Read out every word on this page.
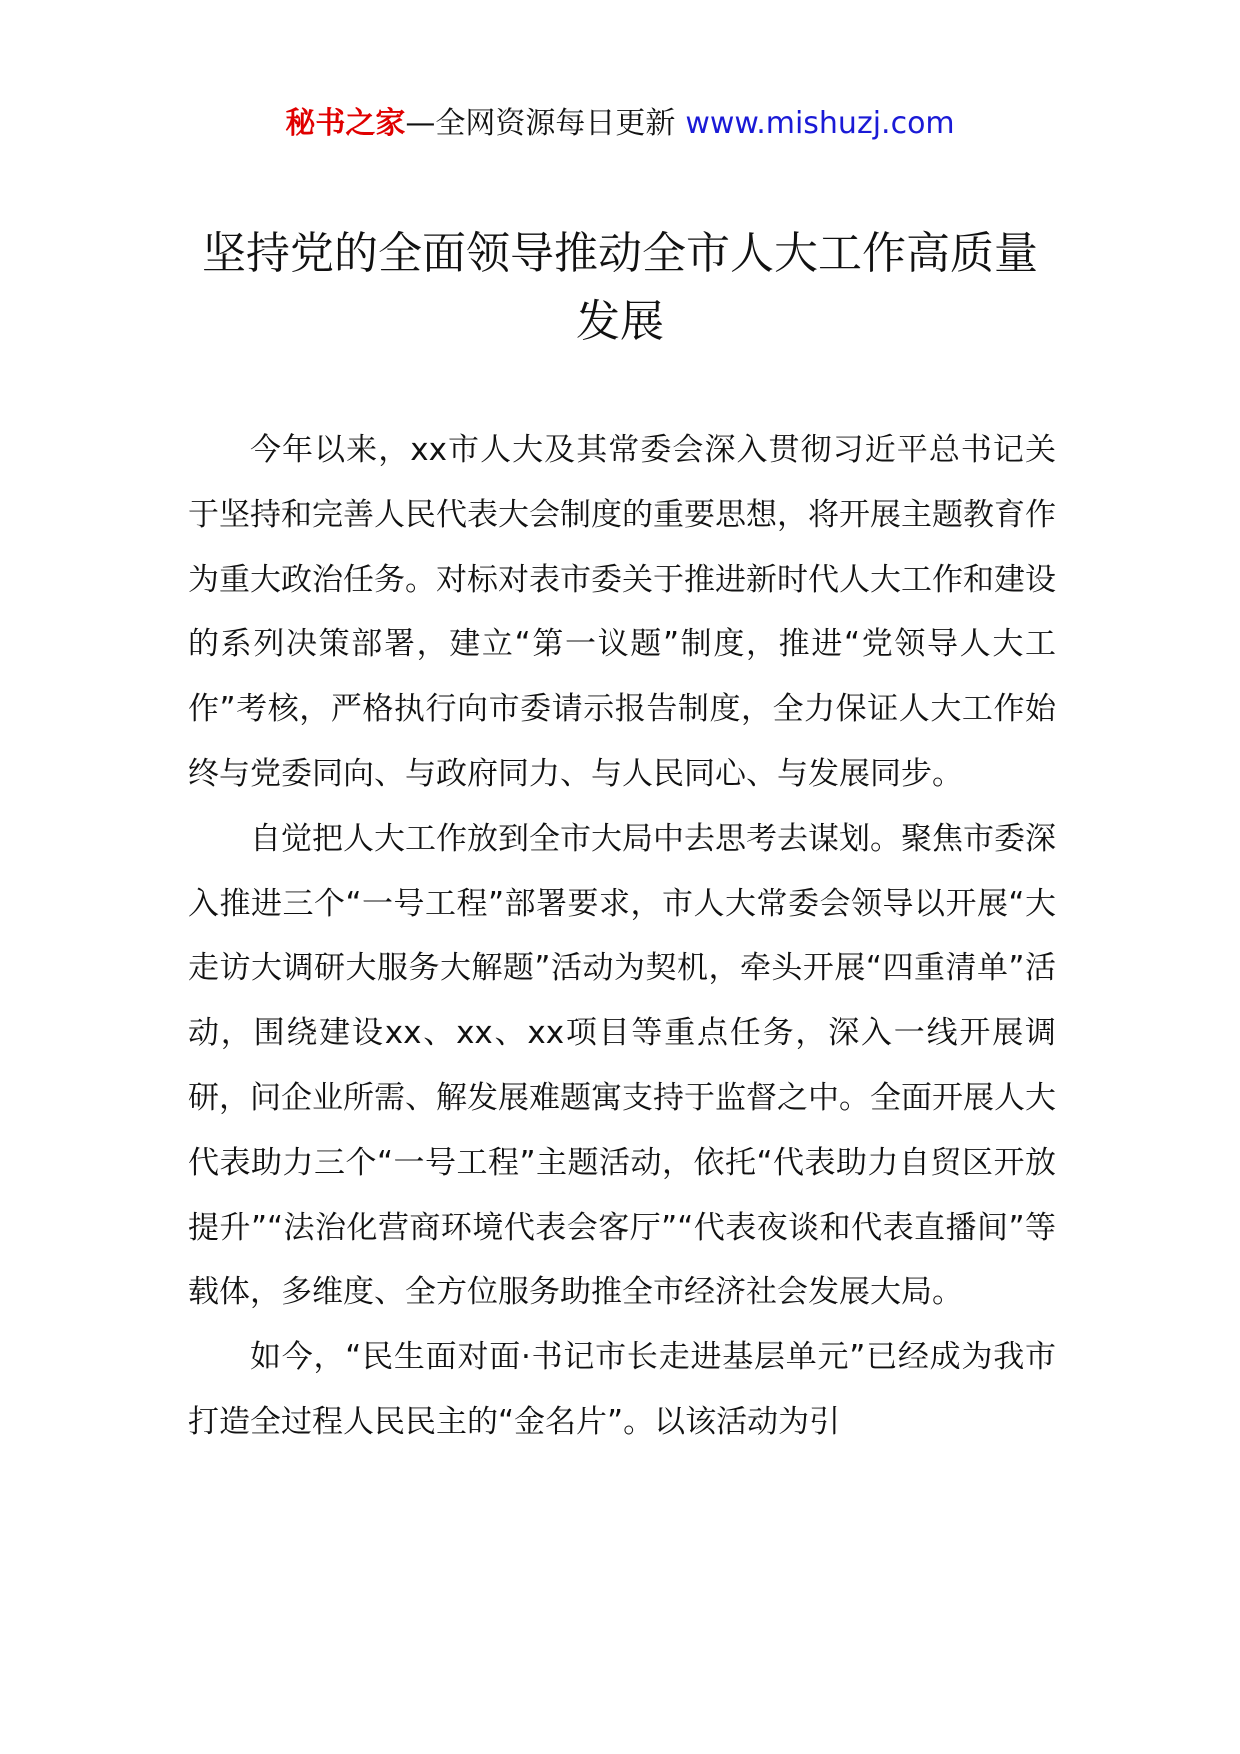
秘书之家—全网资源每日更新 www.mishuzj.com
坚持党的全面领导推动全市人大工作高质量发展

今年以来，xx市人大及其常委会深入贯彻习近平总书记关于坚持和完善人民代表大会制度的重要思想，将开展主题教育作为重大政治任务。对标对表市委关于推进新时代人大工作和建设的系列决策部署，建立“第一议题”制度，推进“党领导人大工作”考核，严格执行向市委请示报告制度，全力保证人大工作始终与党委同向、与政府同力、与人民同心、与发展同步。

自觉把人大工作放到全市大局中去思考去谋划。聚焦市委深入推进三个“一号工程”部署要求，市人大常委会领导以开展“大走访大调研大服务大解题”活动为契机，牵头开展“四重清单”活动，围绕建设xx、xx、xx项目等重点任务，深入一线开展调研，问企业所需、解发展难题寓支持于监督之中。全面开展人大代表助力三个“一号工程”主题活动，依托“代表助力自贸区开放提升”“法治化营商环境代表会客厅”“代表夜谈和代表直播间”等载体，多维度、全方位服务助推全市经济社会发展大局。

如今，“民生面对面·书记市长走进基层单元”已经成为我市打造全过程人民民主的“金名片”。以该活动为引
